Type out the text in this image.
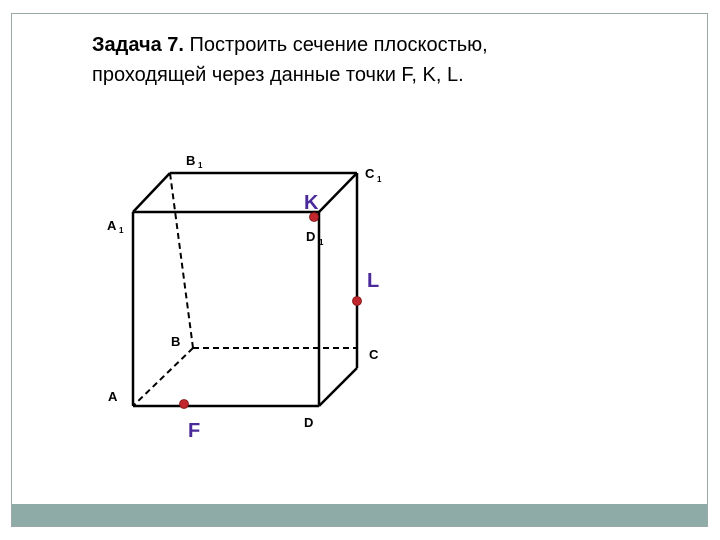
Задача 7. Построить сечение плоскостью,
проходящей через данные точки F, K, L.
B 1
C 1
A 1	D 1
B
C
A
D
K
L
F
